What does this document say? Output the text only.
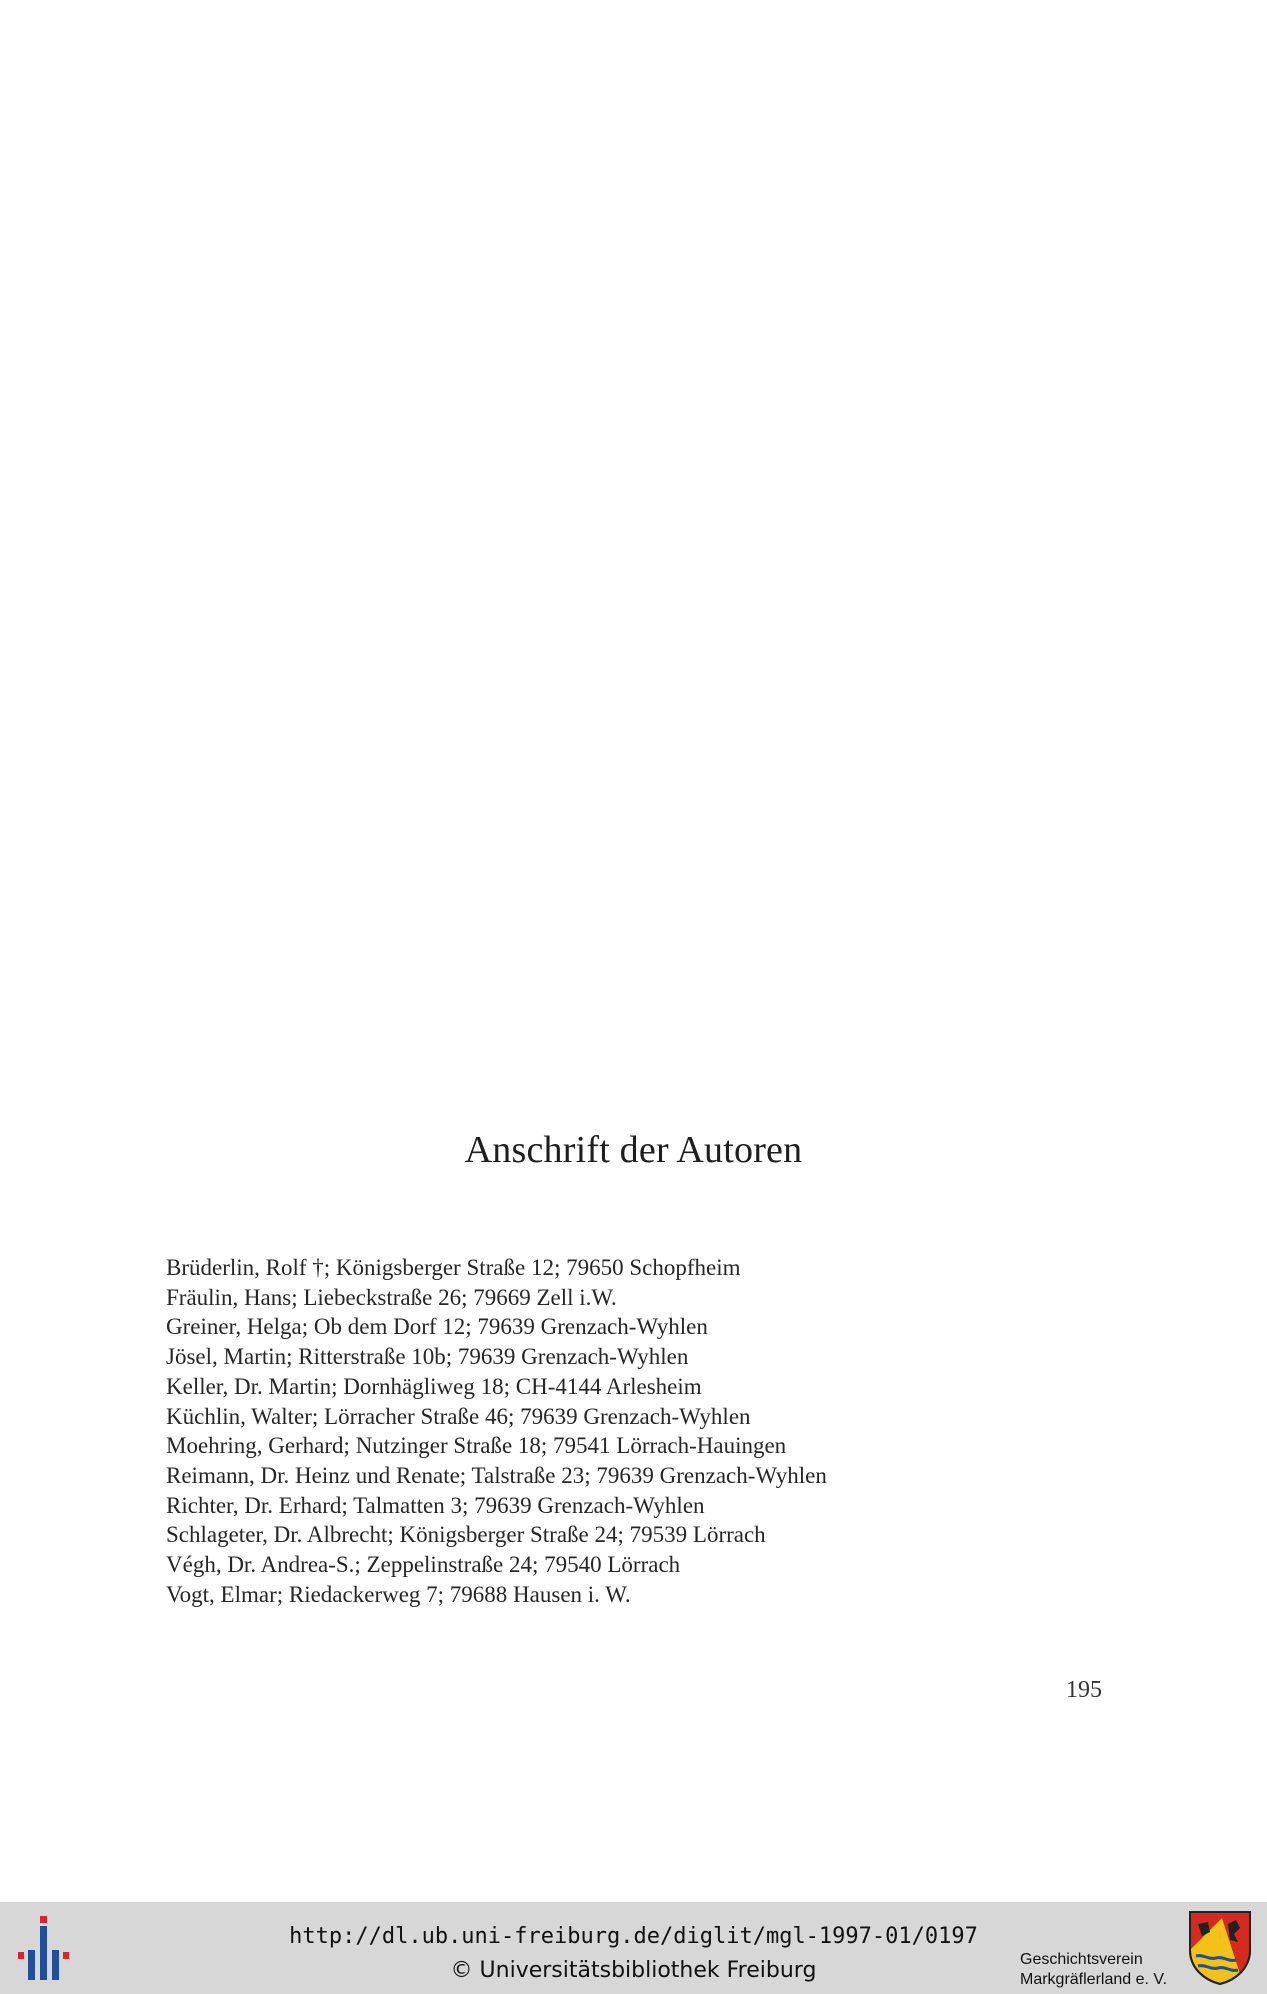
Anschrift der Autoren
Brüderlin, Rolf †; Königsberger Straße 12; 79650 Schopfheim
Fräulin, Hans; Liebeckstraße 26; 79669 Zell i.W.
Greiner, Helga; Ob dem Dorf 12; 79639 Grenzach-Wyhlen
Jösel, Martin; Ritterstraße 10b; 79639 Grenzach-Wyhlen
Keller, Dr. Martin; Dornhägliweg 18; CH-4144 Arlesheim
Küchlin, Walter; Lörracher Straße 46; 79639 Grenzach-Wyhlen
Moehring, Gerhard; Nutzinger Straße 18; 79541 Lörrach-Hauingen
Reimann, Dr. Heinz und Renate; Talstraße 23; 79639 Grenzach-Wyhlen
Richter, Dr. Erhard; Talmatten 3; 79639 Grenzach-Wyhlen
Schlageter, Dr. Albrecht; Königsberger Straße 24; 79539 Lörrach
Végh, Dr. Andrea-S.; Zeppelinstraße 24; 79540 Lörrach
Vogt, Elmar; Riedackerweg 7; 79688 Hausen i. W.
195
http://dl.ub.uni-freiburg.de/diglit/mgl-1997-01/0197
© Universitätsbibliothek Freiburg	Geschichtsverein
Markgräflerland e. V.
